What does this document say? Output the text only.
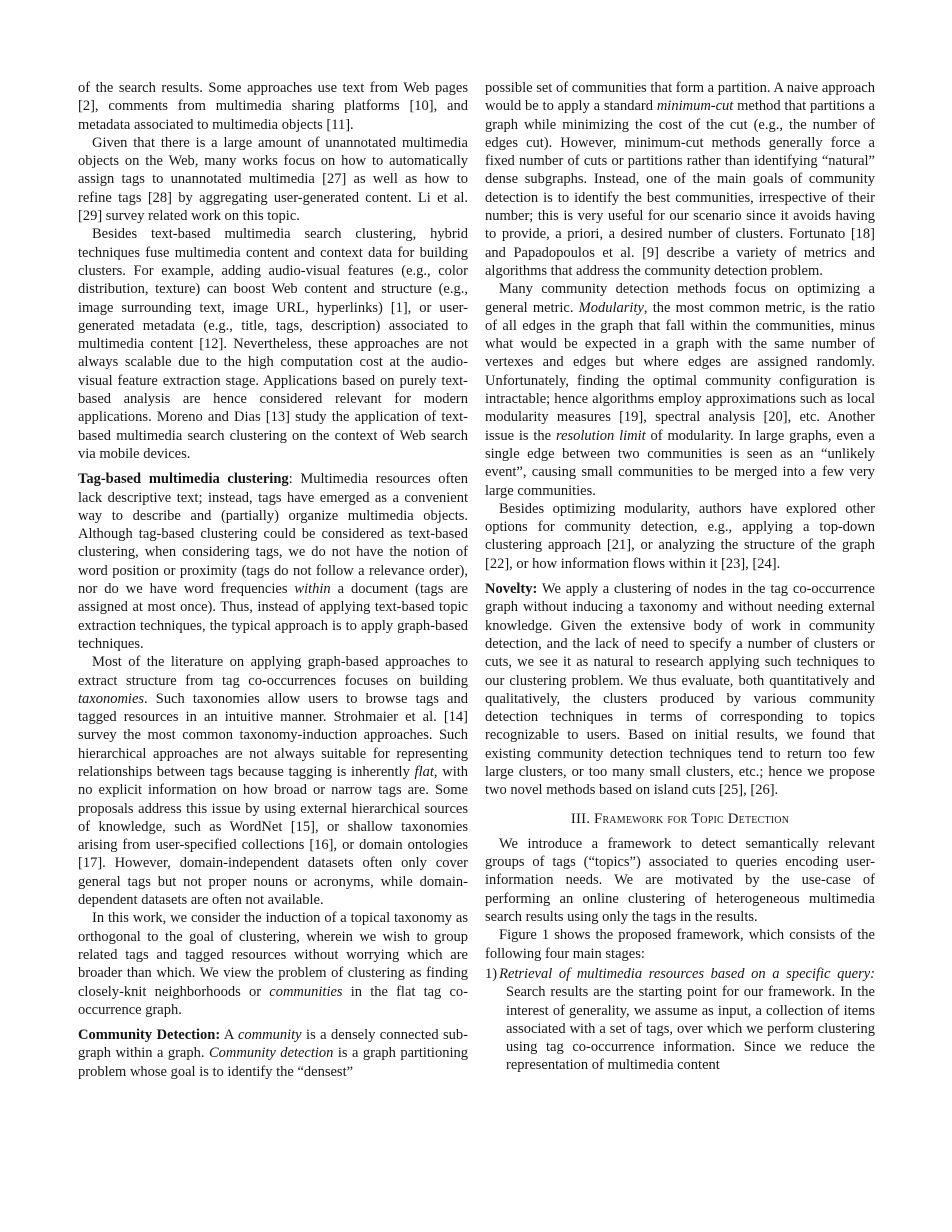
of the search results. Some approaches use text from Web pages [2], comments from multimedia sharing platforms [10], and metadata associated to multimedia objects [11].

Given that there is a large amount of unannotated multimedia objects on the Web, many works focus on how to automatically assign tags to unannotated multimedia [27] as well as how to refine tags [28] by aggregating user-generated content. Li et al. [29] survey related work on this topic.

Besides text-based multimedia search clustering, hybrid techniques fuse multimedia content and context data for building clusters. For example, adding audio-visual features (e.g., color distribution, texture) can boost Web content and structure (e.g., image surrounding text, image URL, hyperlinks) [1], or user-generated metadata (e.g., title, tags, description) associated to multimedia content [12]. Nevertheless, these approaches are not always scalable due to the high computation cost at the audio-visual feature extraction stage. Applications based on purely text-based analysis are hence considered relevant for modern applications. Moreno and Dias [13] study the application of text-based multimedia search clustering on the context of Web search via mobile devices.

Tag-based multimedia clustering: Multimedia resources often lack descriptive text; instead, tags have emerged as a convenient way to describe and (partially) organize multimedia objects. Although tag-based clustering could be considered as text-based clustering, when considering tags, we do not have the notion of word position or proximity (tags do not follow a relevance order), nor do we have word frequencies within a document (tags are assigned at most once). Thus, instead of applying text-based topic extraction techniques, the typical approach is to apply graph-based techniques.

Most of the literature on applying graph-based approaches to extract structure from tag co-occurrences focuses on building taxonomies. Such taxonomies allow users to browse tags and tagged resources in an intuitive manner. Strohmaier et al. [14] survey the most common taxonomy-induction approaches. Such hierarchical approaches are not always suitable for representing relationships between tags because tagging is inherently flat, with no explicit information on how broad or narrow tags are. Some proposals address this issue by using external hierarchical sources of knowledge, such as WordNet [15], or shallow taxonomies arising from user-specified collections [16], or domain ontologies [17]. However, domain-independent datasets often only cover general tags but not proper nouns or acronyms, while domain-dependent datasets are often not available.

In this work, we consider the induction of a topical taxonomy as orthogonal to the goal of clustering, wherein we wish to group related tags and tagged resources without worrying which are broader than which. We view the problem of clustering as finding closely-knit neighborhoods or communities in the flat tag co-occurrence graph.

Community Detection: A community is a densely connected sub-graph within a graph. Community detection is a graph partitioning problem whose goal is to identify the “densest”

possible set of communities that form a partition. A naive approach would be to apply a standard minimum-cut method that partitions a graph while minimizing the cost of the cut (e.g., the number of edges cut). However, minimum-cut methods generally force a fixed number of cuts or partitions rather than identifying “natural” dense subgraphs. Instead, one of the main goals of community detection is to identify the best communities, irrespective of their number; this is very useful for our scenario since it avoids having to provide, a priori, a desired number of clusters. Fortunato [18] and Papadopoulos et al. [9] describe a variety of metrics and algorithms that address the community detection problem.

Many community detection methods focus on optimizing a general metric. Modularity, the most common metric, is the ratio of all edges in the graph that fall within the communities, minus what would be expected in a graph with the same number of vertexes and edges but where edges are assigned randomly. Unfortunately, finding the optimal community configuration is intractable; hence algorithms employ approximations such as local modularity measures [19], spectral analysis [20], etc. Another issue is the resolution limit of modularity. In large graphs, even a single edge between two communities is seen as an “unlikely event”, causing small communities to be merged into a few very large communities.

Besides optimizing modularity, authors have explored other options for community detection, e.g., applying a top-down clustering approach [21], or analyzing the structure of the graph [22], or how information flows within it [23], [24].

Novelty: We apply a clustering of nodes in the tag co-occurrence graph without inducing a taxonomy and without needing external knowledge. Given the extensive body of work in community detection, and the lack of need to specify a number of clusters or cuts, we see it as natural to research applying such techniques to our clustering problem. We thus evaluate, both quantitatively and qualitatively, the clusters produced by various community detection techniques in terms of corresponding to topics recognizable to users. Based on initial results, we found that existing community detection techniques tend to return too few large clusters, or too many small clusters, etc.; hence we propose two novel methods based on island cuts [25], [26].

III. Framework for Topic Detection

We introduce a framework to detect semantically relevant groups of tags (“topics”) associated to queries encoding user-information needs. We are motivated by the use-case of performing an online clustering of heterogeneous multimedia search results using only the tags in the results.

Figure 1 shows the proposed framework, which consists of the following four main stages:

1) Retrieval of multimedia resources based on a specific query: Search results are the starting point for our framework. In the interest of generality, we assume as input, a collection of items associated with a set of tags, over which we perform clustering using tag co-occurrence information. Since we reduce the representation of multimedia content
